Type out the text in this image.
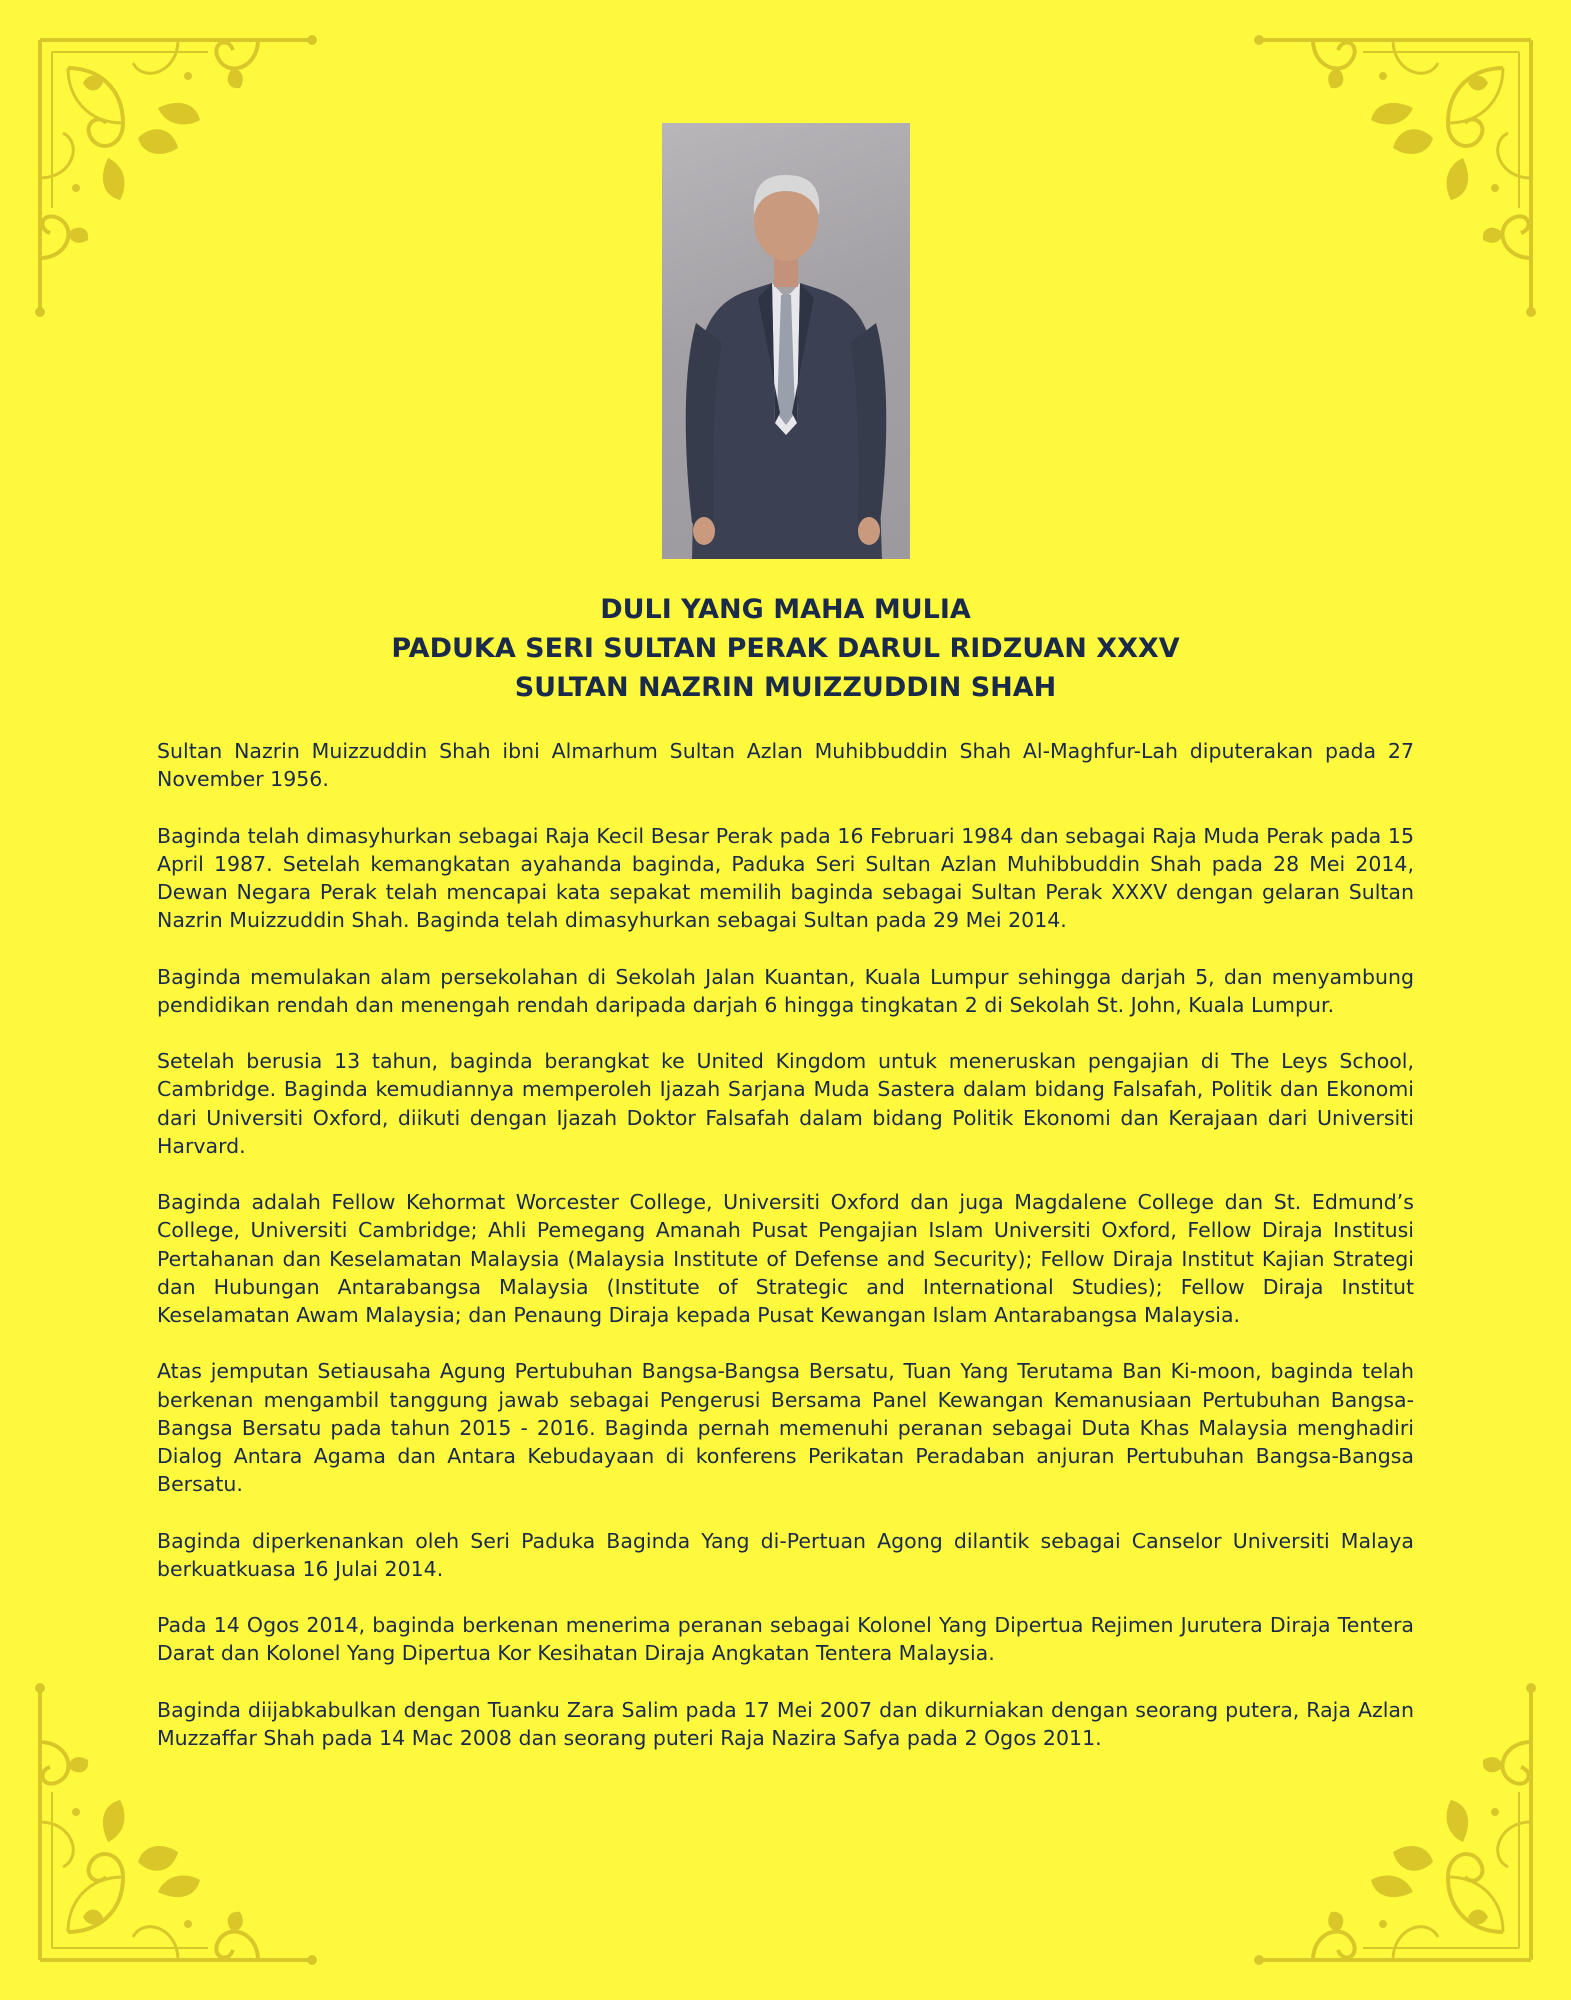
DULI YANG MAHA MULIA
PADUKA SERI SULTAN PERAK DARUL RIDZUAN XXXV
SULTAN NAZRIN MUIZZUDDIN SHAH

Sultan Nazrin Muizzuddin Shah ibni Almarhum Sultan Azlan Muhibbuddin Shah Al-Maghfur-Lah diputerakan pada 27 November 1956.

Baginda telah dimasyhurkan sebagai Raja Kecil Besar Perak pada 16 Februari 1984 dan sebagai Raja Muda Perak pada 15 April 1987. Setelah kemangkatan ayahanda baginda, Paduka Seri Sultan Azlan Muhibbuddin Shah pada 28 Mei 2014, Dewan Negara Perak telah mencapai kata sepakat memilih baginda sebagai Sultan Perak XXXV dengan gelaran Sultan Nazrin Muizzuddin Shah. Baginda telah dimasyhurkan sebagai Sultan pada 29 Mei 2014.

Baginda memulakan alam persekolahan di Sekolah Jalan Kuantan, Kuala Lumpur sehingga darjah 5, dan menyambung pendidikan rendah dan menengah rendah daripada darjah 6 hingga tingkatan 2 di Sekolah St. John, Kuala Lumpur.

Setelah berusia 13 tahun, baginda berangkat ke United Kingdom untuk meneruskan pengajian di The Leys School, Cambridge. Baginda kemudiannya memperoleh Ijazah Sarjana Muda Sastera dalam bidang Falsafah, Politik dan Ekonomi dari Universiti Oxford, diikuti dengan Ijazah Doktor Falsafah dalam bidang Politik Ekonomi dan Kerajaan dari Universiti Harvard.

Baginda adalah Fellow Kehormat Worcester College, Universiti Oxford dan juga Magdalene College dan St. Edmund’s College, Universiti Cambridge; Ahli Pemegang Amanah Pusat Pengajian Islam Universiti Oxford, Fellow Diraja Institusi Pertahanan dan Keselamatan Malaysia (Malaysia Institute of Defense and Security); Fellow Diraja Institut Kajian Strategi dan Hubungan Antarabangsa Malaysia (Institute of Strategic and International Studies); Fellow Diraja Institut Keselamatan Awam Malaysia; dan Penaung Diraja kepada Pusat Kewangan Islam Antarabangsa Malaysia.

Atas jemputan Setiausaha Agung Pertubuhan Bangsa-Bangsa Bersatu, Tuan Yang Terutama Ban Ki-moon, baginda telah berkenan mengambil tanggung jawab sebagai Pengerusi Bersama Panel Kewangan Kemanusiaan Pertubuhan Bangsa-Bangsa Bersatu pada tahun 2015 - 2016. Baginda pernah memenuhi peranan sebagai Duta Khas Malaysia menghadiri Dialog Antara Agama dan Antara Kebudayaan di konferens Perikatan Peradaban anjuran Pertubuhan Bangsa-Bangsa Bersatu.

Baginda diperkenankan oleh Seri Paduka Baginda Yang di-Pertuan Agong dilantik sebagai Canselor Universiti Malaya berkuatkuasa 16 Julai 2014.

Pada 14 Ogos 2014, baginda berkenan menerima peranan sebagai Kolonel Yang Dipertua Rejimen Jurutera Diraja Tentera Darat dan Kolonel Yang Dipertua Kor Kesihatan Diraja Angkatan Tentera Malaysia.

Baginda diijabkabulkan dengan Tuanku Zara Salim pada 17 Mei 2007 dan dikurniakan dengan seorang putera, Raja Azlan Muzzaffar Shah pada 14 Mac 2008 dan seorang puteri Raja Nazira Safya pada 2 Ogos 2011.
